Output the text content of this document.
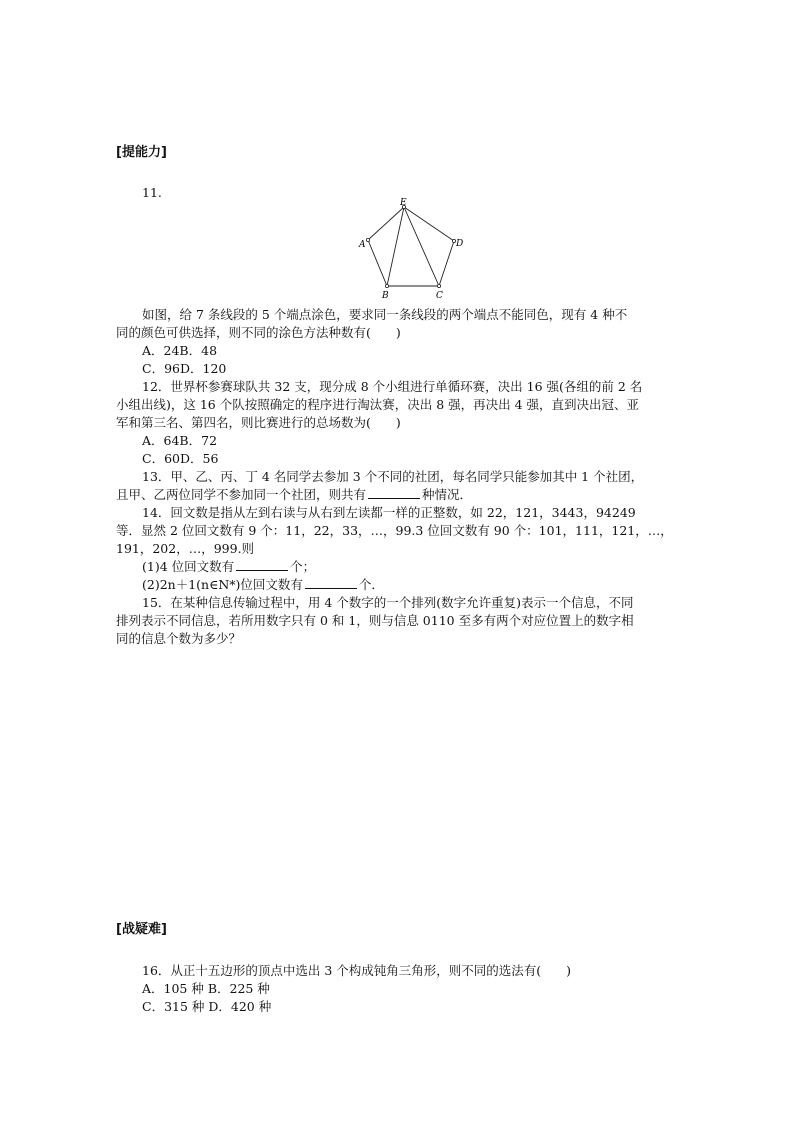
[提能力]
11.
E
A	D
B	C
如图，给 7 条线段的 5 个端点涂色，要求同一条线段的两个端点不能同色，现有 4 种不
同的颜色可供选择，则不同的涂色方法种数有(　　)
A．24B．48
C．96D．120
12．世界杯参赛球队共 32 支，现分成 8 个小组进行单循环赛，决出 16 强(各组的前 2 名
小组出线)，这 16 个队按照确定的程序进行淘汰赛，决出 8 强，再决出 4 强，直到决出冠、亚
军和第三名、第四名，则比赛进行的总场数为(　　)
A．64B．72
C．60D．56
13．甲、乙、丙、丁 4 名同学去参加 3 个不同的社团，每名同学只能参加其中 1 个社团，
且甲、乙两位同学不参加同一个社团，则共有	种情况．
14．回文数是指从左到右读与从右到左读都一样的正整数，如 22，121，3443，94249
等．显然 2 位回文数有 9 个：11，22，33，…，99.3 位回文数有 90 个：101，111，121，…，
191，202，…，999.则
(1)4 位回文数有	个；
(2)2n＋1(n∈N*)位回文数有	个．
15．在某种信息传输过程中，用 4 个数字的一个排列(数字允许重复)表示一个信息，不同
排列表示不同信息，若所用数字只有 0 和 1，则与信息 0110 至多有两个对应位置上的数字相
同的信息个数为多少？
[战疑难]
16．从正十五边形的顶点中选出 3 个构成钝角三角形，则不同的选法有(　　)
A．105 种 B．225 种
C．315 种 D．420 种
